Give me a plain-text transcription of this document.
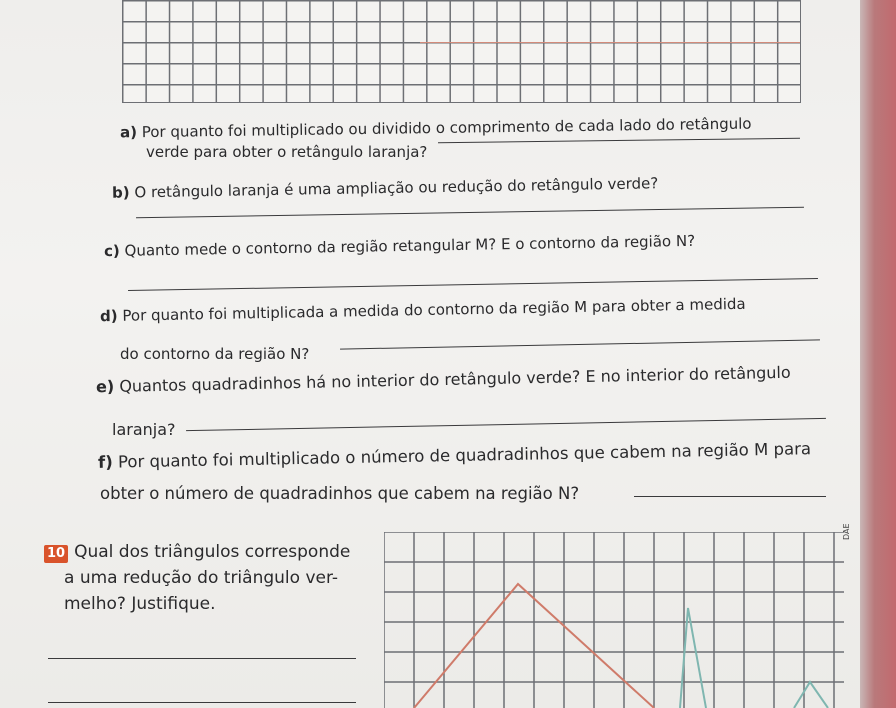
a) Por quanto foi multiplicado ou dividido o comprimento de cada lado do retângulo
verde para obter o retângulo laranja?
b) O retângulo laranja é uma ampliação ou redução do retângulo verde?
c) Quanto mede o contorno da região retangular M? E o contorno da região N?
d) Por quanto foi multiplicada a medida do contorno da região M para obter a medida
do contorno da região N?
e) Quantos quadradinhos há no interior do retângulo verde? E no interior do retângulo
laranja?
f) Por quanto foi multiplicado o número de quadradinhos que cabem na região M para
obter o número de quadradinhos que cabem na região N?
10 Qual dos triângulos corresponde
a uma redução do triângulo ver-
melho? Justifique.
DAE
